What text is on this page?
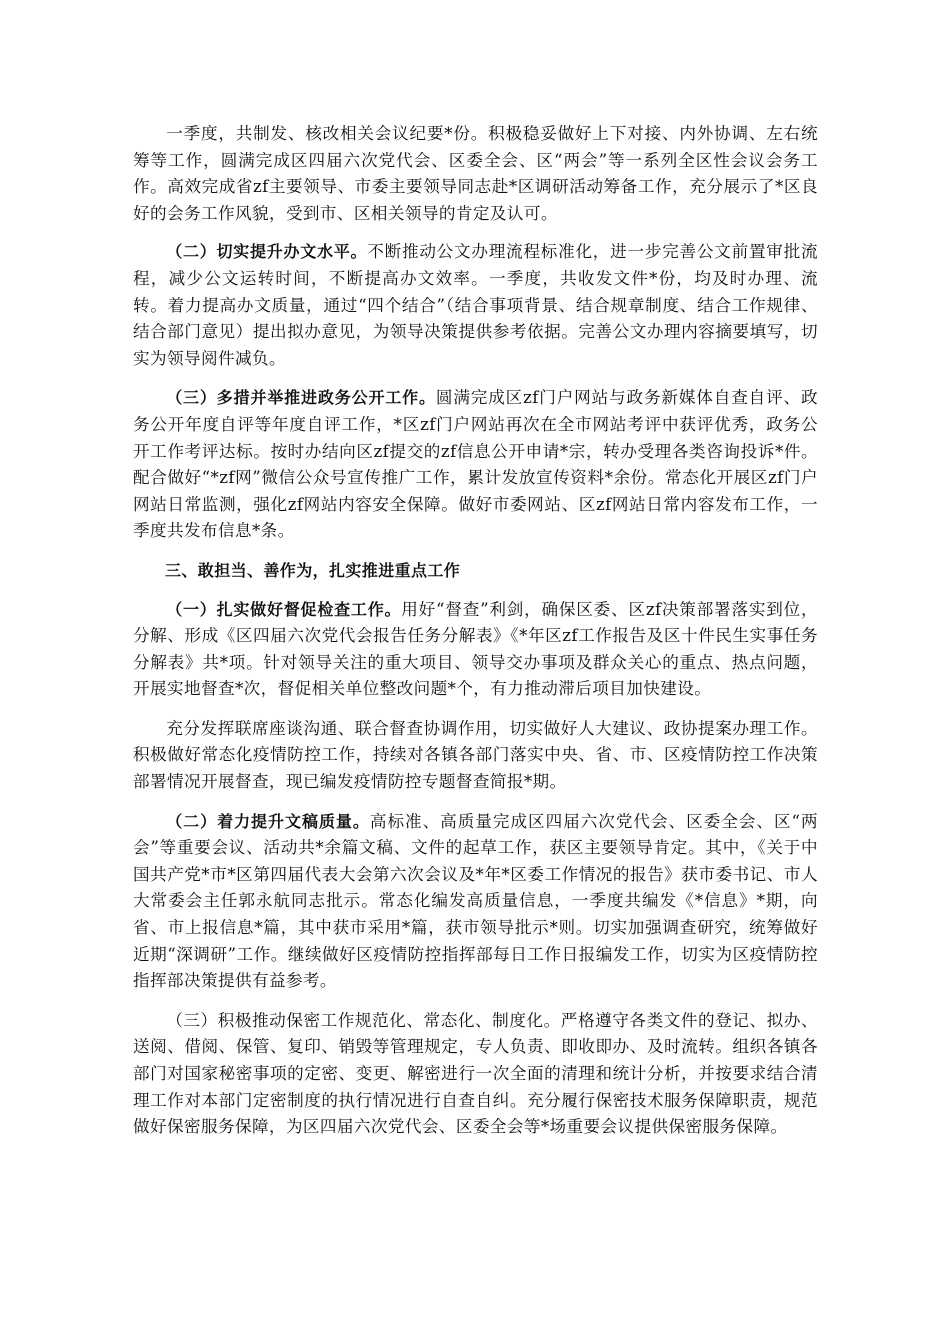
一季度，共制发、核改相关会议纪要*份。积极稳妥做好上下对接、内外协调、左右统筹等工作，圆满完成区四届六次党代会、区委全会、区“两会”等一系列全区性会议会务工作。高效完成省zf主要领导、市委主要领导同志赴*区调研活动筹备工作，充分展示了*区良好的会务工作风貌，受到市、区相关领导的肯定及认可。

（二）切实提升办文水平。不断推动公文办理流程标准化，进一步完善公文前置审批流程，减少公文运转时间，不断提高办文效率。一季度，共收发文件*份，均及时办理、流转。着力提高办文质量，通过“四个结合”（结合事项背景、结合规章制度、结合工作规律、结合部门意见）提出拟办意见，为领导决策提供参考依据。完善公文办理内容摘要填写，切实为领导阅件减负。

（三）多措并举推进政务公开工作。圆满完成区zf门户网站与政务新媒体自查自评、政务公开年度自评等年度自评工作，*区zf门户网站再次在全市网站考评中获评优秀，政务公开工作考评达标。按时办结向区zf提交的zf信息公开申请*宗，转办受理各类咨询投诉*件。配合做好“*zf网”微信公众号宣传推广工作，累计发放宣传资料*余份。常态化开展区zf门户网站日常监测，强化zf网站内容安全保障。做好市委网站、区zf网站日常内容发布工作，一季度共发布信息*条。

三、敢担当、善作为，扎实推进重点工作

（一）扎实做好督促检查工作。用好“督查”利剑，确保区委、区zf决策部署落实到位，分解、形成《区四届六次党代会报告任务分解表》《*年区zf工作报告及区十件民生实事任务分解表》共*项。针对领导关注的重大项目、领导交办事项及群众关心的重点、热点问题，开展实地督查*次，督促相关单位整改问题*个，有力推动滞后项目加快建设。

充分发挥联席座谈沟通、联合督查协调作用，切实做好人大建议、政协提案办理工作。积极做好常态化疫情防控工作，持续对各镇各部门落实中央、省、市、区疫情防控工作决策部署情况开展督查，现已编发疫情防控专题督查简报*期。

（二）着力提升文稿质量。高标准、高质量完成区四届六次党代会、区委全会、区“两会”等重要会议、活动共*余篇文稿、文件的起草工作，获区主要领导肯定。其中，《关于中国共产党*市*区第四届代表大会第六次会议及*年*区委工作情况的报告》获市委书记、市人大常委会主任郭永航同志批示。常态化编发高质量信息，一季度共编发《*信息》*期，向省、市上报信息*篇，其中获市采用*篇，获市领导批示*则。切实加强调查研究，统筹做好近期“深调研”工作。继续做好区疫情防控指挥部每日工作日报编发工作，切实为区疫情防控指挥部决策提供有益参考。

（三）积极推动保密工作规范化、常态化、制度化。严格遵守各类文件的登记、拟办、送阅、借阅、保管、复印、销毁等管理规定，专人负责、即收即办、及时流转。组织各镇各部门对国家秘密事项的定密、变更、解密进行一次全面的清理和统计分析，并按要求结合清理工作对本部门定密制度的执行情况进行自查自纠。充分履行保密技术服务保障职责，规范做好保密服务保障，为区四届六次党代会、区委全会等*场重要会议提供保密服务保障。
